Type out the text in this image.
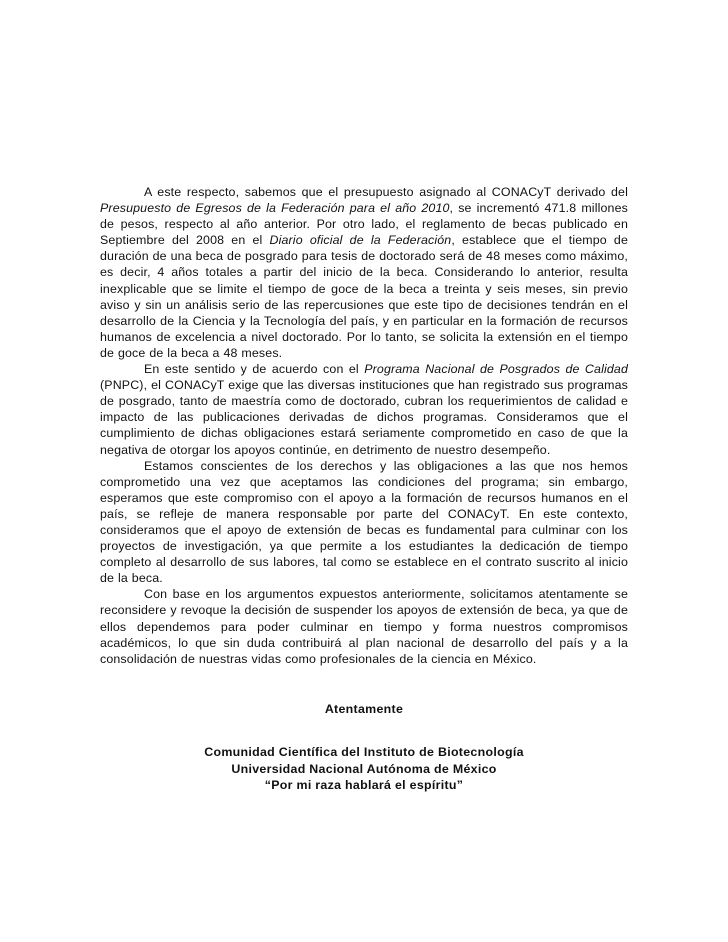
A este respecto, sabemos que el presupuesto asignado al CONACyT derivado del Presupuesto de Egresos de la Federación para el año 2010, se incrementó 471.8 millones de pesos, respecto al año anterior. Por otro lado, el reglamento de becas publicado en Septiembre del 2008 en el Diario oficial de la Federación, establece que el tiempo de duración de una beca de posgrado para tesis de doctorado será de 48 meses como máximo, es decir, 4 años totales a partir del inicio de la beca. Considerando lo anterior, resulta inexplicable que se limite el tiempo de goce de la beca a treinta y seis meses, sin previo aviso y sin un análisis serio de las repercusiones que este tipo de decisiones tendrán en el desarrollo de la Ciencia y la Tecnología del país, y en particular en la formación de recursos humanos de excelencia a nivel doctorado. Por lo tanto, se solicita la extensión en el tiempo de goce de la beca a 48 meses.

En este sentido y de acuerdo con el Programa Nacional de Posgrados de Calidad (PNPC), el CONACyT exige que las diversas instituciones que han registrado sus programas de posgrado, tanto de maestría como de doctorado, cubran los requerimientos de calidad e impacto de las publicaciones derivadas de dichos programas. Consideramos que el cumplimiento de dichas obligaciones estará seriamente comprometido en caso de que la negativa de otorgar los apoyos continúe, en detrimento de nuestro desempeño.

Estamos conscientes de los derechos y las obligaciones a las que nos hemos comprometido una vez que aceptamos las condiciones del programa; sin embargo, esperamos que este compromiso con el apoyo a la formación de recursos humanos en el país, se refleje de manera responsable por parte del CONACyT. En este contexto, consideramos que el apoyo de extensión de becas es fundamental para culminar con los proyectos de investigación, ya que permite a los estudiantes la dedicación de tiempo completo al desarrollo de sus labores, tal como se establece en el contrato suscrito al inicio de la beca.

Con base en los argumentos expuestos anteriormente, solicitamos atentamente se reconsidere y revoque la decisión de suspender los apoyos de extensión de beca, ya que de ellos dependemos para poder culminar en tiempo y forma nuestros compromisos académicos, lo que sin duda contribuirá al plan nacional de desarrollo del país y a la consolidación de nuestras vidas como profesionales de la ciencia en México.

Atentamente
Comunidad Científica del Instituto de Biotecnología
Universidad Nacional Autónoma de México
“Por mi raza hablará el espíritu”
